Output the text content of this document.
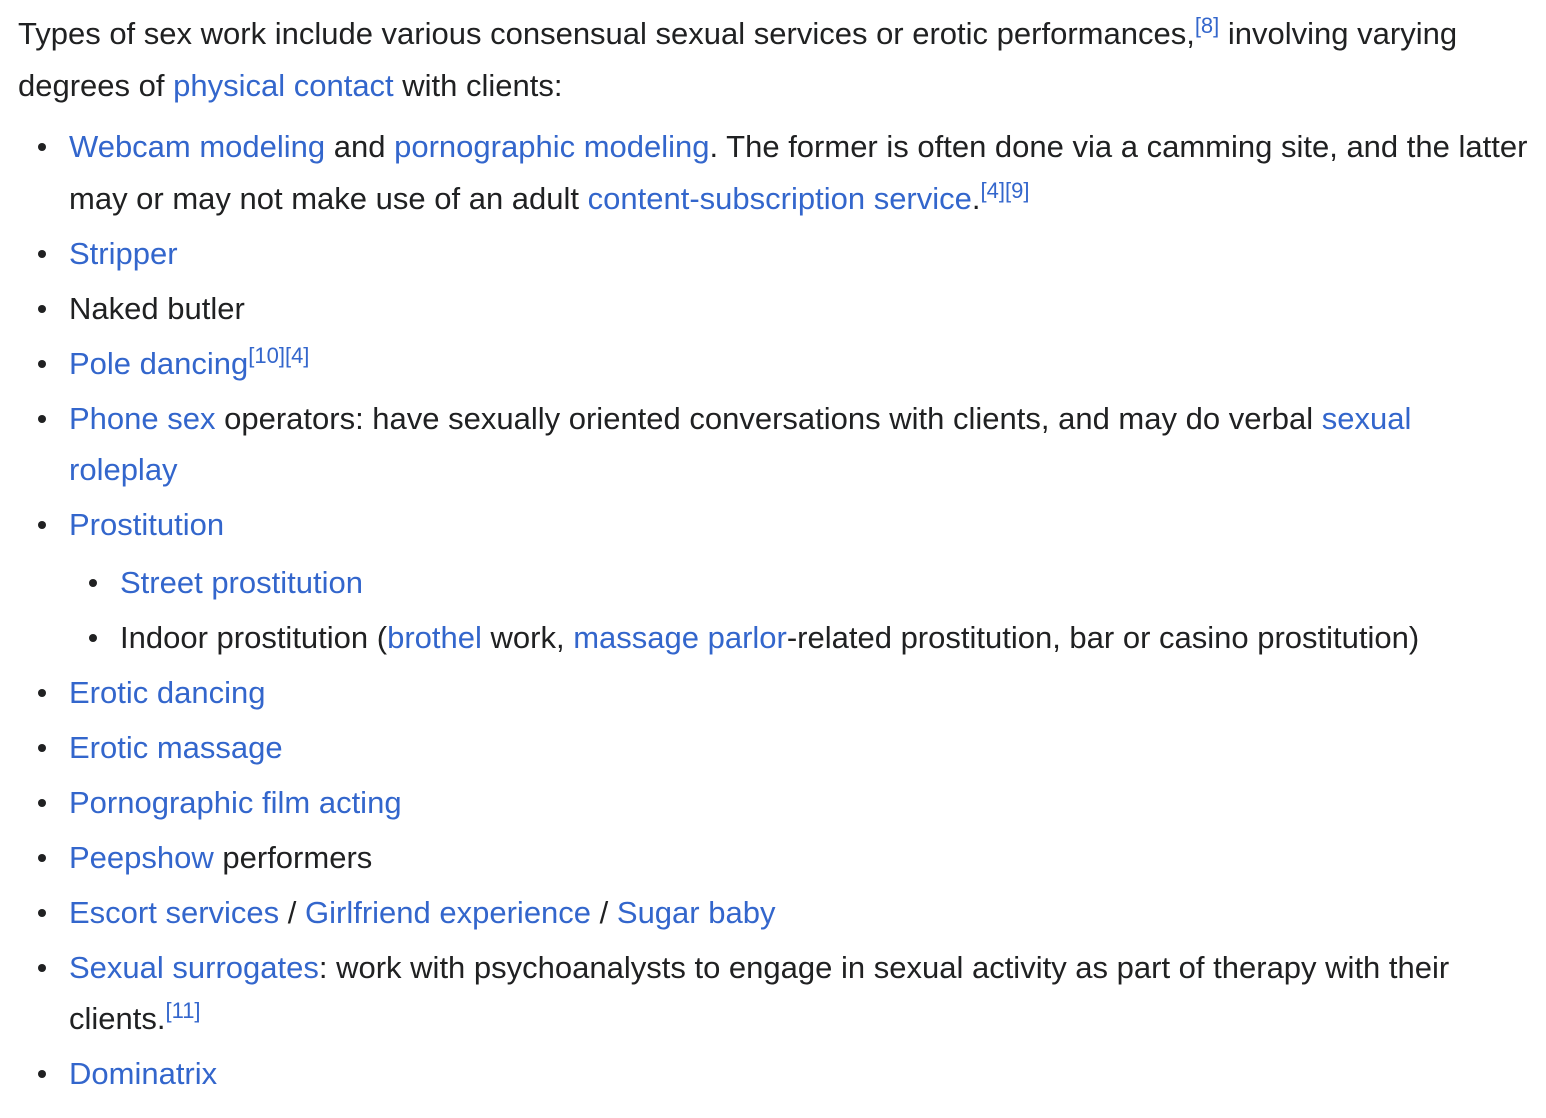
Types of sex work include various consensual sexual services or erotic performances,[8] involving varying degrees of physical contact with clients:

Webcam modeling and pornographic modeling. The former is often done via a camming site, and the latter may or may not make use of an adult content-subscription service.[4][9]
Stripper
Naked butler
Pole dancing[10][4]
Phone sex operators: have sexually oriented conversations with clients, and may do verbal sexual roleplay
Prostitution
Street prostitution
Indoor prostitution (brothel work, massage parlor-related prostitution, bar or casino prostitution)
Erotic dancing
Erotic massage
Pornographic film acting
Peepshow performers
Escort services / Girlfriend experience / Sugar baby
Sexual surrogates: work with psychoanalysts to engage in sexual activity as part of therapy with their clients.[11]
Dominatrix
